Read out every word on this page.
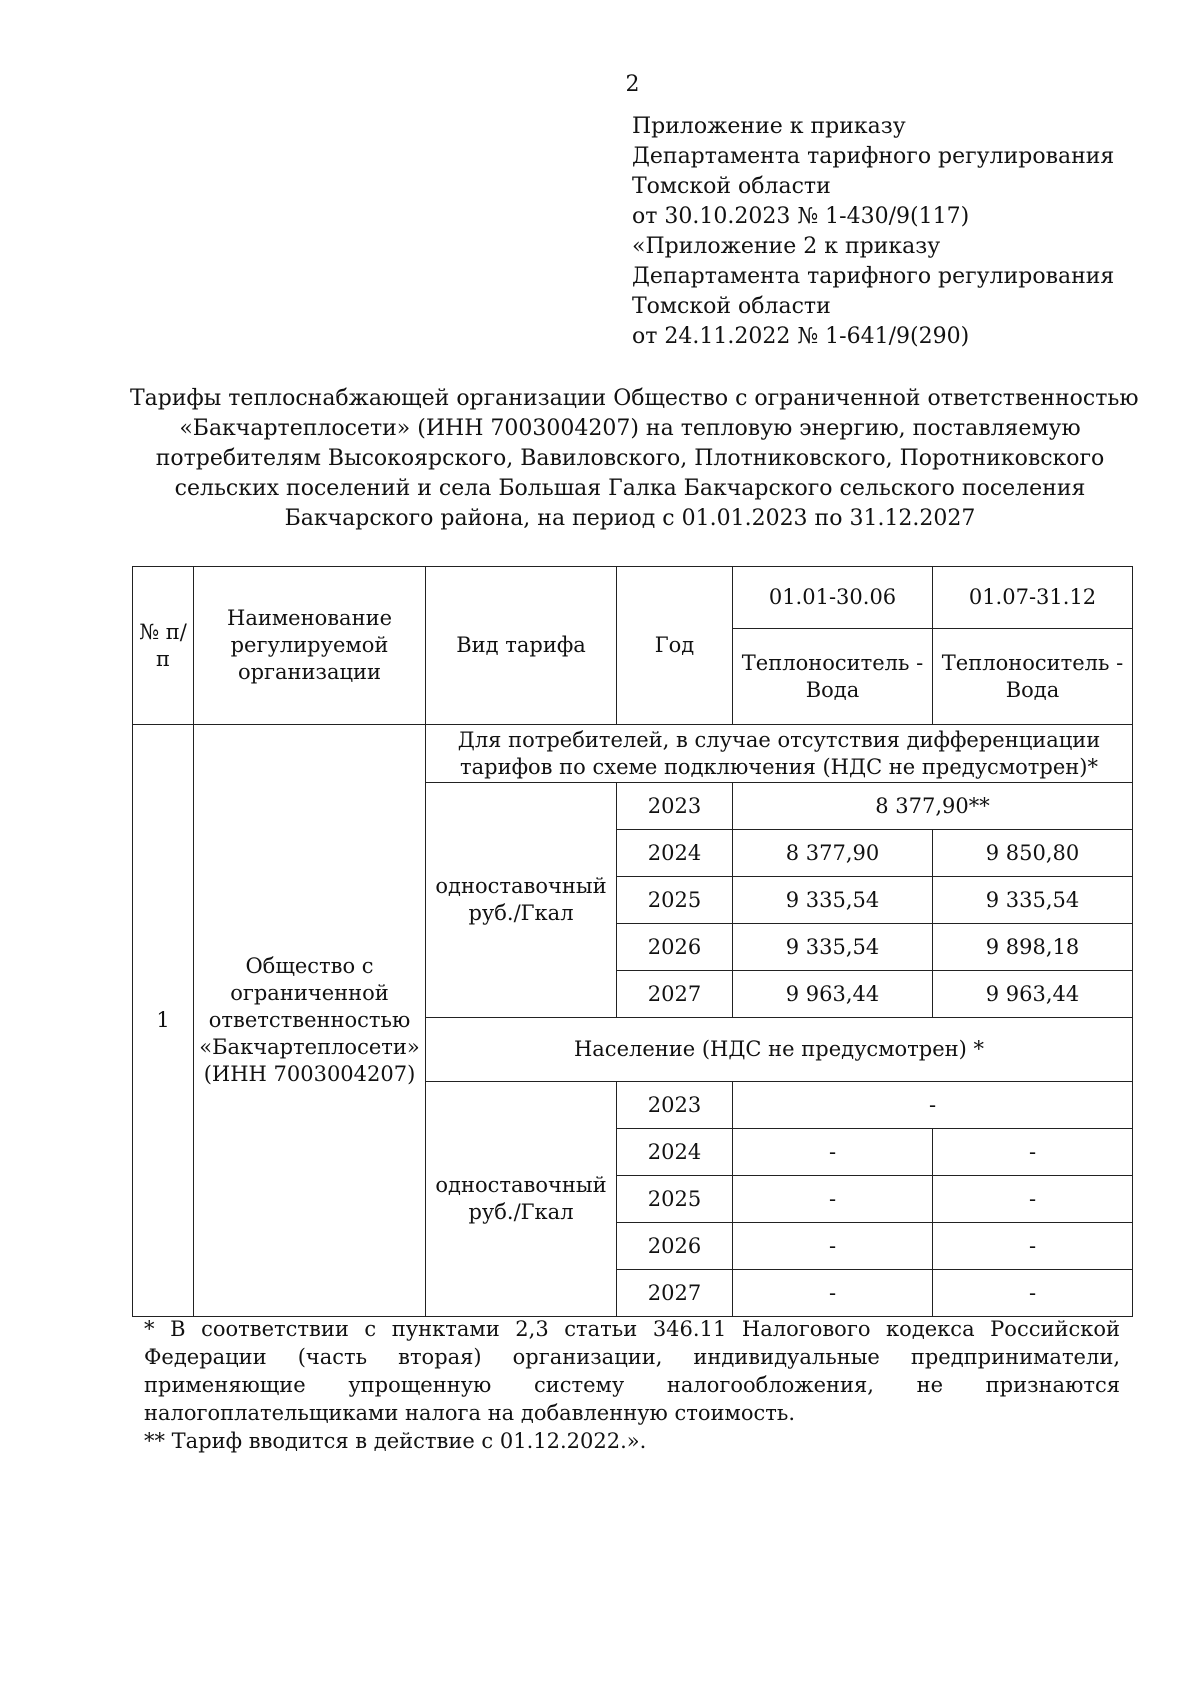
2
Приложение к приказу
Департамента тарифного регулирования
Томской области
от 30.10.2023 № 1-430/9(117)
«Приложение 2 к приказу
Департамента тарифного регулирования
Томской области
от 24.11.2022 № 1-641/9(290)
Тарифы теплоснабжающей организации Общество с ограниченной ответственностью
«Бакчартеплосети» (ИНН 7003004207) на тепловую энергию, поставляемую
потребителям Высокоярского, Вавиловского, Плотниковского, Поротниковского
сельских поселений и села Большая Галка Бакчарского сельского поселения
Бакчарского района, на период с 01.01.2023 по 31.12.2027
№ п/п	Наименование регулируемой организации	Вид тарифа	Год	01.01-30.06	01.07-31.12
				Теплоноситель - Вода	Теплоноситель - Вода
1	Общество с ограниченной ответственностью «Бакчартеплосети» (ИНН 7003004207)	Для потребителей, в случае отсутствия дифференциации тарифов по схеме подключения (НДС не предусмотрен)*			
		одноставочный руб./Гкал	2023	8 377,90**	
			2024	8 377,90	9 850,80
			2025	9 335,54	9 335,54
			2026	9 335,54	9 898,18
			2027	9 963,44	9 963,44
		Население (НДС не предусмотрен) *			
		одноставочный руб./Гкал	2023	-	
			2024	-	-
			2025	-	-
			2026	-	-
			2027	-	-
* В соответствии с пунктами 2,3 статьи 346.11 Налогового кодекса Российской Федерации (часть вторая) организации, индивидуальные предприниматели, применяющие упрощенную систему налогообложения, не признаются налогоплательщиками налога на добавленную стоимость.
** Тариф вводится в действие с 01.12.2022.».
